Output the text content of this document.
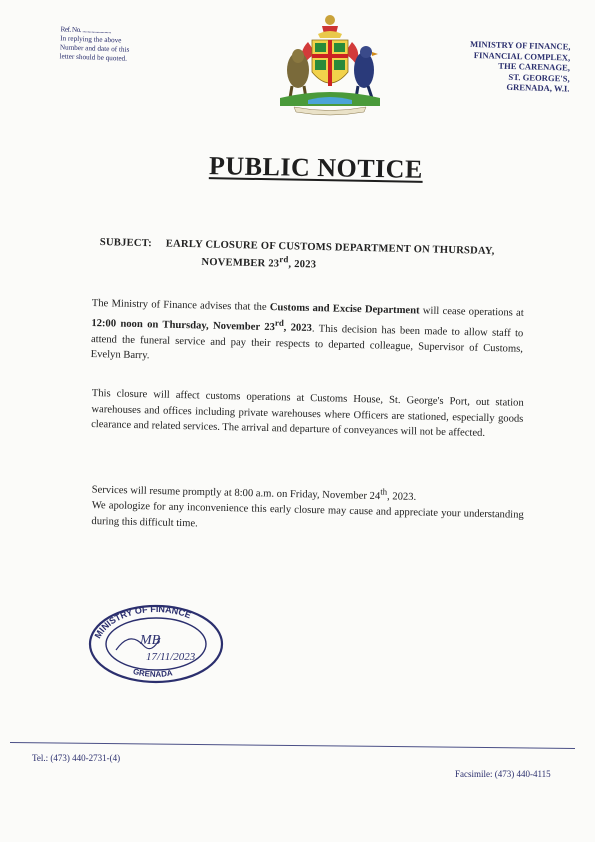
Ref. No. ......................
In replying the above
Number and date of this
letter should be quoted.
MINISTRY OF FINANCE,
FINANCIAL COMPLEX,
THE CARENAGE,
ST. GEORGE'S,
GRENADA, W.I.
PUBLIC NOTICE
SUBJECT: EARLY CLOSURE OF CUSTOMS DEPARTMENT ON THURSDAY,
NOVEMBER 23rd, 2023
The Ministry of Finance advises that the Customs and Excise Department will cease operations at 12:00 noon on Thursday, November 23rd, 2023. This decision has been made to allow staff to attend the funeral service and pay their respects to departed colleague, Supervisor of Customs, Evelyn Barry.
This closure will affect customs operations at Customs House, St. George's Port, out station warehouses and offices including private warehouses where Officers are stationed, especially goods clearance and related services. The arrival and departure of conveyances will not be affected.
Services will resume promptly at 8:00 a.m. on Friday, November 24th, 2023.
We apologize for any inconvenience this early closure may cause and appreciate your understanding during this difficult time.
MINISTRY OF FINANCE
GRENADA
MB
17/11/2023
Tel.: (473) 440-2731-(4)
Facsimile: (473) 440-4115
